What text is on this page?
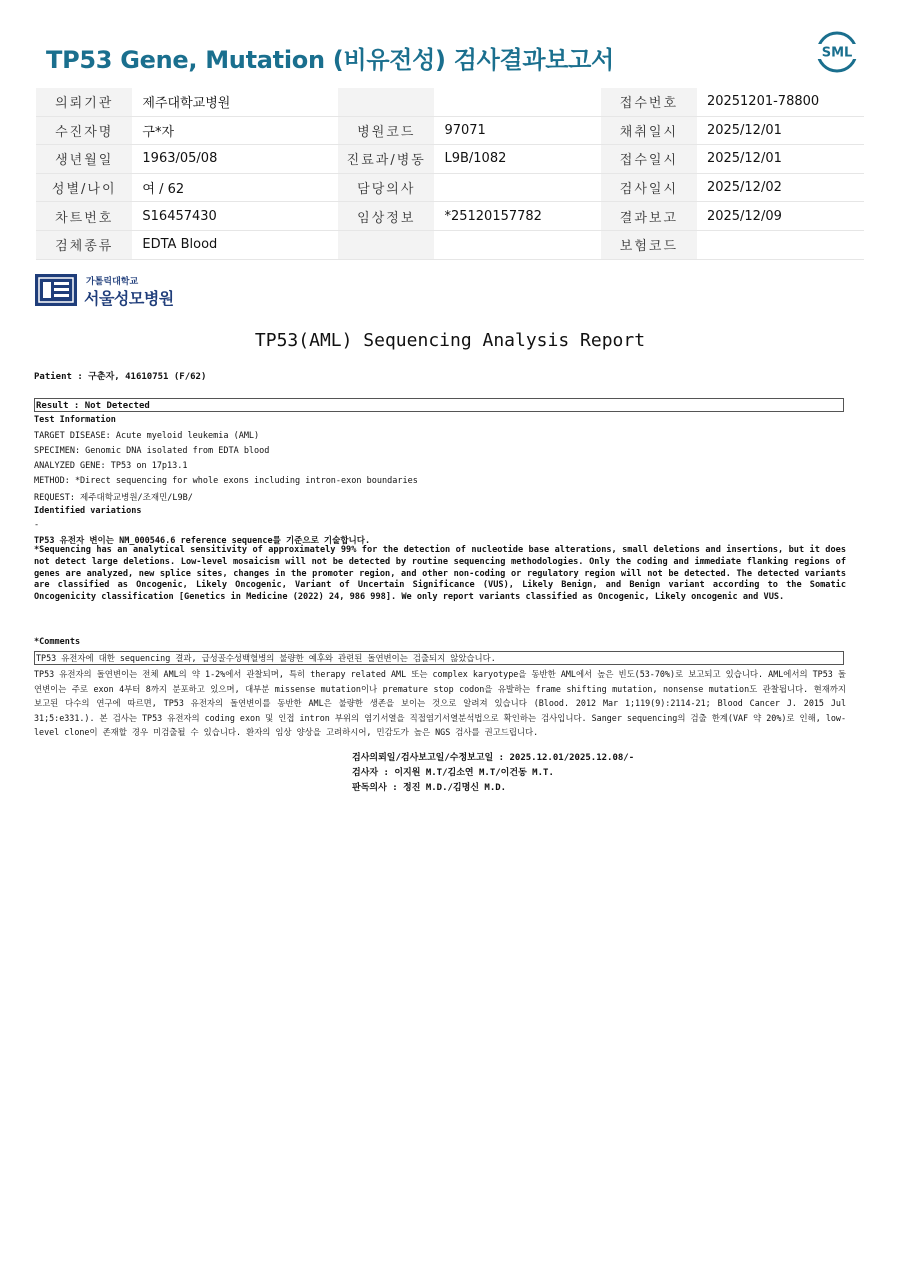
TP53 Gene, Mutation (비유전성) 검사결과보고서	SML
의뢰기관	제주대학교병원			접수번호	20251201-78800
수진자명	구*자	병원코드	97071	채취일시	2025/12/01
생년월일	1963/05/08	진료과/병동	L9B/1082	접수일시	2025/12/01
성별/나이	여 / 62	담당의사		검사일시	2025/12/02
차트번호	S16457430	임상정보	*25120157782	결과보고	2025/12/09
검체종류	EDTA Blood			보험코드	
가톨릭대학교
서울성모병원
TP53(AML) Sequencing Analysis Report
Patient : 구춘자, 41610751 (F/62)
Result : Not Detected
Test Information
TARGET DISEASE: Acute myeloid leukemia (AML)
SPECIMEN: Genomic DNA isolated from EDTA blood
ANALYZED GENE: TP53 on 17p13.1
METHOD: *Direct sequencing for whole exons including intron-exon boundaries
REQUEST: 제주대학교병원/조재민/L9B/
Identified variations
-
TP53 유전자 변이는 NM_000546.6 reference sequence를 기준으로 기술합니다.
*Sequencing has an analytical sensitivity of approximately 99% for the detection of nucleotide base alterations, small deletions and insertions, but it does not detect large deletions. Low-level mosaicism will not be detected by routine sequencing methodologies. Only the coding and immediate flanking regions of genes are analyzed, new splice sites, changes in the promoter region, and other non-coding or regulatory region will not be detected. The detected variants are classified as Oncogenic, Likely Oncogenic, Variant of Uncertain Significance (VUS), Likely Benign, and Benign variant according to the Somatic Oncogenicity classification [Genetics in Medicine (2022) 24, 986 998]. We only report variants classified as Oncogenic, Likely oncogenic and VUS.
*Comments
TP53 유전자에 대한 sequencing 결과, 급성골수성백혈병의 불량한 예후와 관련된 돌연변이는 검출되지 않았습니다.
TP53 유전자의 돌연변이는 전체 AML의 약 1-2%에서 관찰되며, 특히 therapy related AML 또는 complex karyotype을 동반한 AML에서 높은 빈도(53-70%)로 보고되고 있습니다. AML에서의 TP53 돌연변이는 주로 exon 4부터 8까지 분포하고 있으며, 대부분 missense mutation이나 premature stop codon을 유발하는 frame shifting mutation, nonsense mutation도 관찰됩니다. 현재까지 보고된 다수의 연구에 따르면, TP53 유전자의 돌연변이를 동반한 AML은 불량한 생존을 보이는 것으로 알려져 있습니다 (Blood. 2012 Mar 1;119(9):2114-21; Blood Cancer J. 2015 Jul 31;5:e331.). 본 검사는 TP53 유전자의 coding exon 및 인접 intron 부위의 염기서열을 직접염기서열분석법으로 확인하는 검사입니다. Sanger sequencing의 검출 한계(VAF 약 20%)로 인해, low-level clone이 존재할 경우 미검출될 수 있습니다. 환자의 임상 양상을 고려하시어, 민감도가 높은 NGS 검사를 권고드립니다.
검사의뢰일/검사보고일/수정보고일 : 2025.12.01/2025.12.08/-
검사자 : 이지원 M.T/김소연 M.T/이건동 M.T.
판독의사 : 정진 M.D./김명신 M.D.
